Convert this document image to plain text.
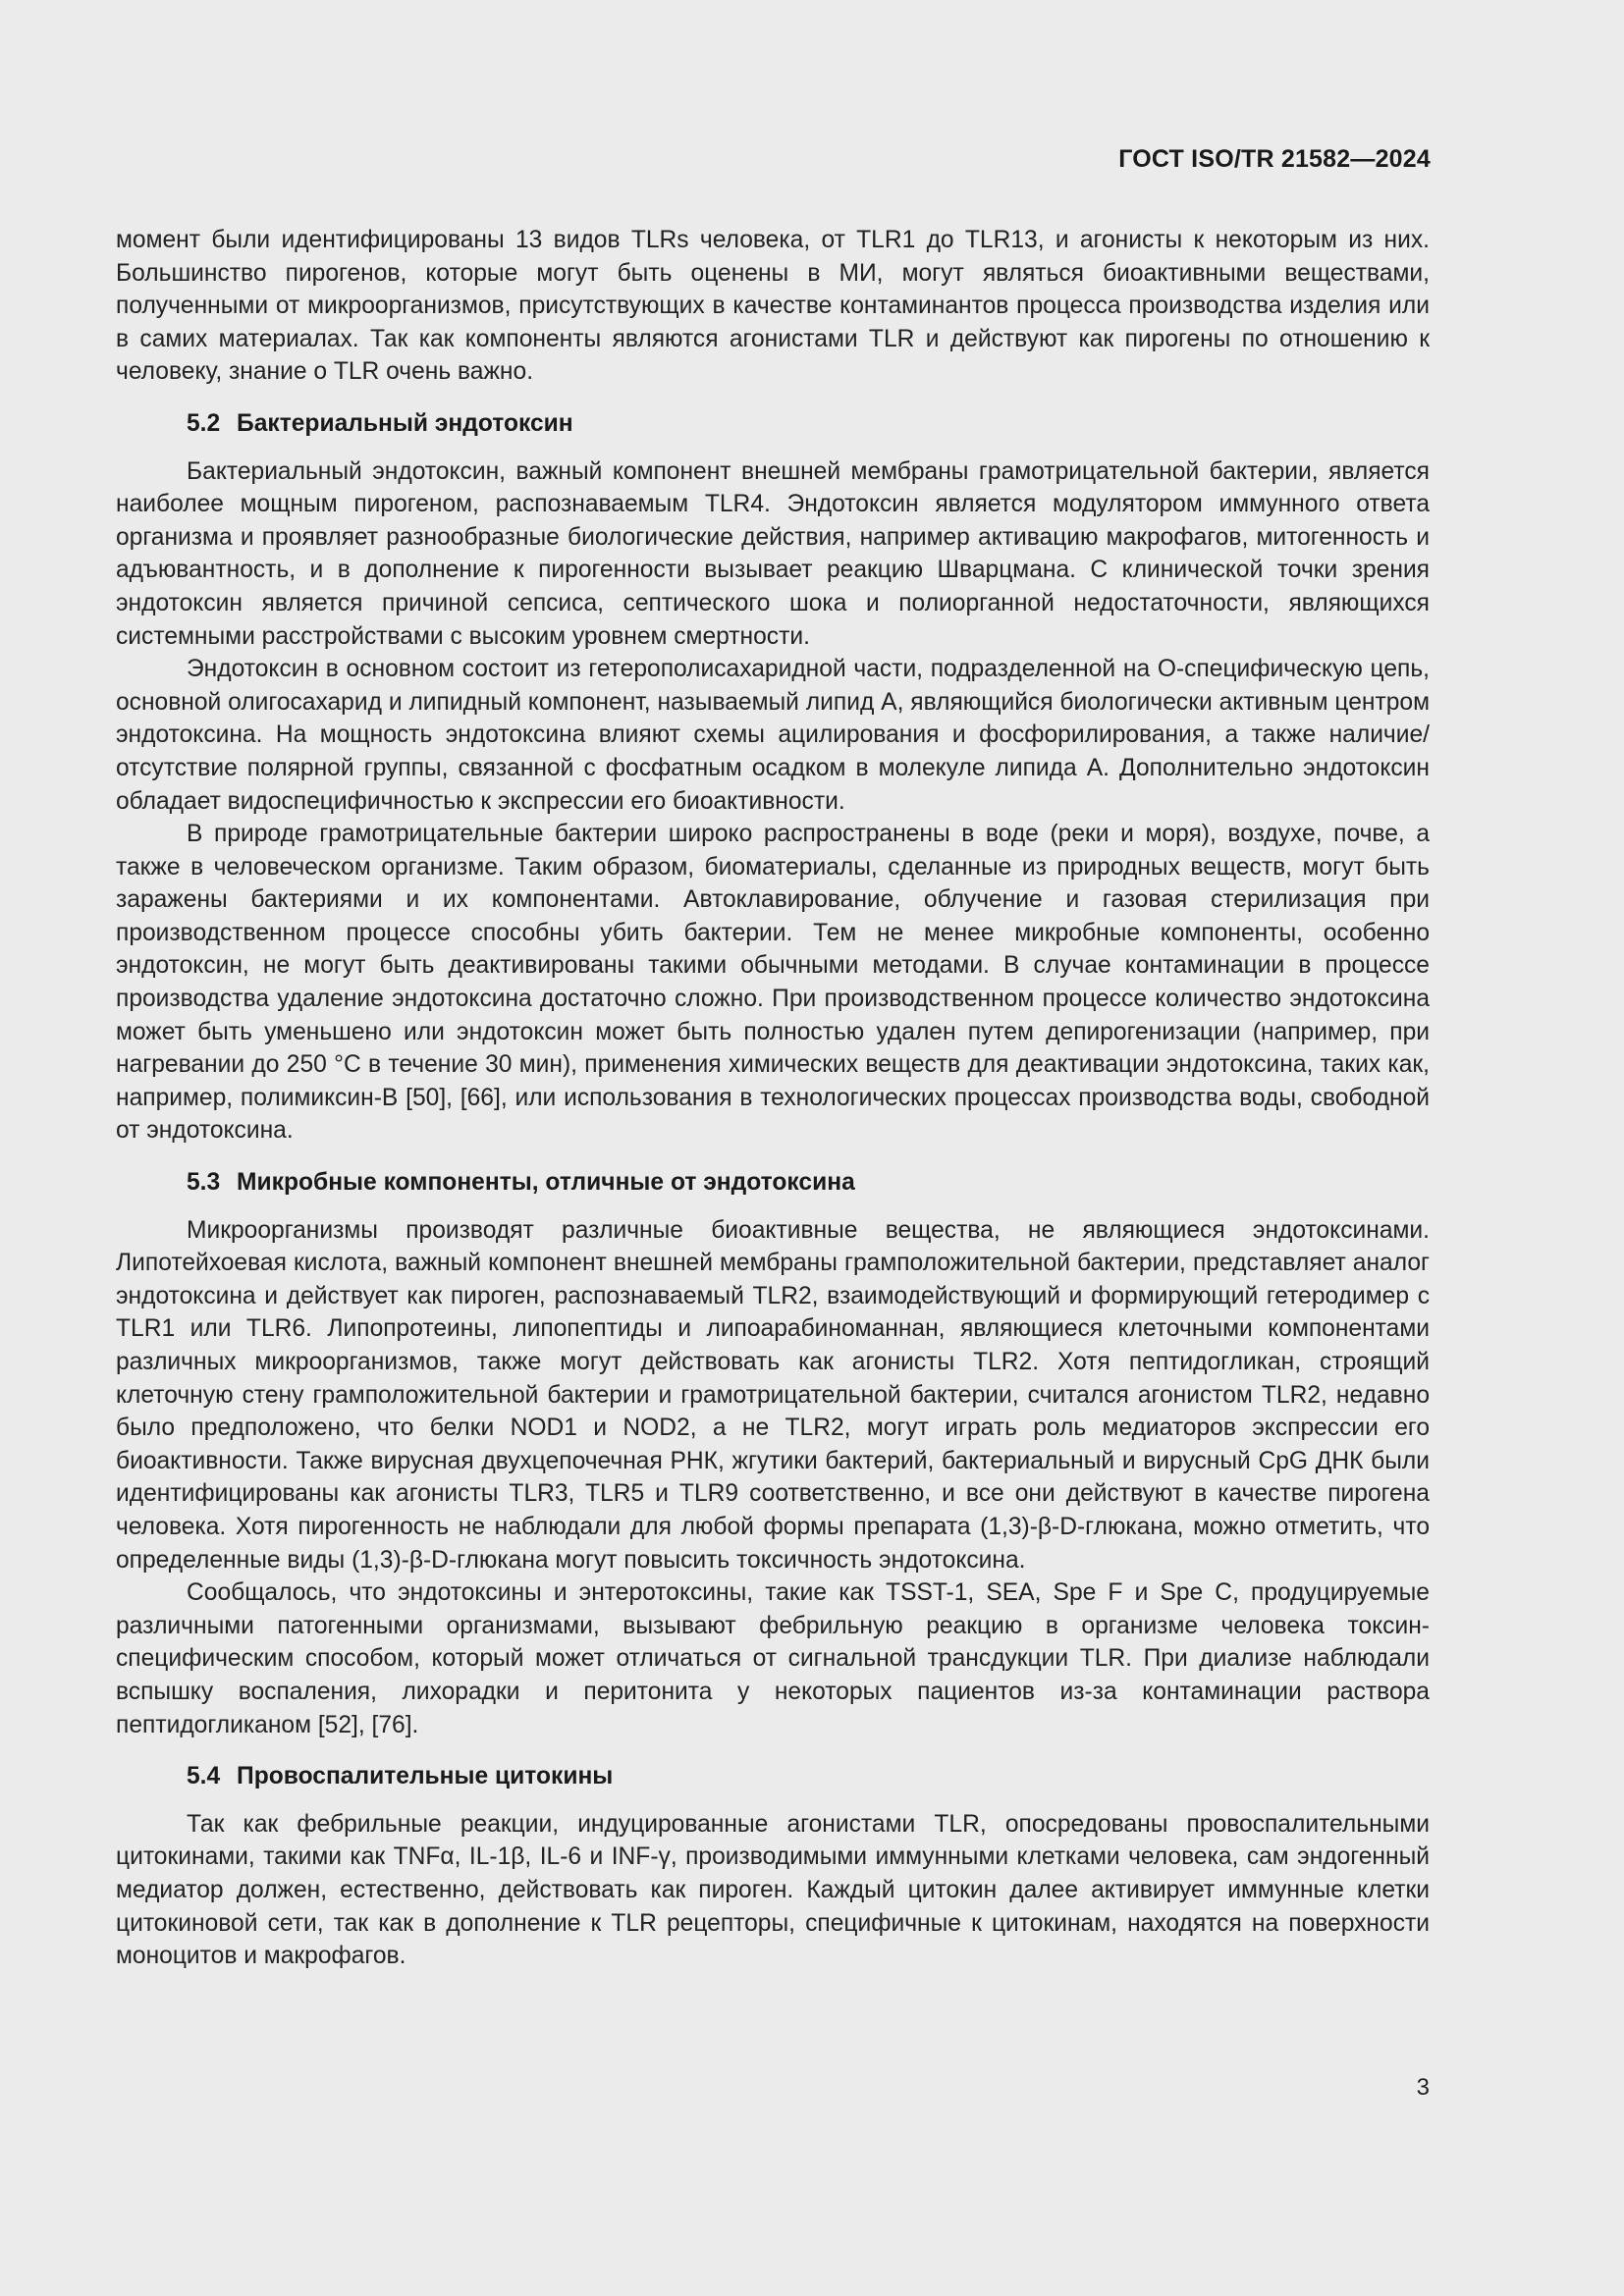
ГОСТ ISO/TR 21582—2024

момент были идентифицированы 13 видов TLRs человека, от TLR1 до TLR13, и агонисты к некоторым из них. Большинство пирогенов, которые могут быть оценены в МИ, могут являться биоактивными веществами, полученными от микроорганизмов, присутствующих в качестве контаминантов процесса производства изделия или в самих материалах. Так как компоненты являются агонистами TLR и действуют как пирогены по отношению к человеку, знание о TLR очень важно.

5.2 Бактериальный эндотоксин

Бактериальный эндотоксин, важный компонент внешней мембраны грамотрицательной бактерии, является наиболее мощным пирогеном, распознаваемым TLR4. Эндотоксин является модулятором иммунного ответа организма и проявляет разнообразные биологические действия, например активацию макрофагов, митогенность и адъювантность, и в дополнение к пирогенности вызывает реакцию Шварцмана. С клинической точки зрения эндотоксин является причиной сепсиса, септического шока и полиорганной недостаточности, являющихся системными расстройствами с высоким уровнем смертности.

Эндотоксин в основном состоит из гетерополисахаридной части, подразделенной на О-специфическую цепь, основной олигосахарид и липидный компонент, называемый липид А, являющийся биологически активным центром эндотоксина. На мощность эндотоксина влияют схемы ацилирования и фосфорилирования, а также наличие/отсутствие полярной группы, связанной с фосфатным осадком в молекуле липида А. Дополнительно эндотоксин обладает видоспецифичностью к экспрессии его биоактивности.

В природе грамотрицательные бактерии широко распространены в воде (реки и моря), воздухе, почве, а также в человеческом организме. Таким образом, биоматериалы, сделанные из природных веществ, могут быть заражены бактериями и их компонентами. Автоклавирование, облучение и газовая стерилизация при производственном процессе способны убить бактерии. Тем не менее микробные компоненты, особенно эндотоксин, не могут быть деактивированы такими обычными методами. В случае контаминации в процессе производства удаление эндотоксина достаточно сложно. При производственном процессе количество эндотоксина может быть уменьшено или эндотоксин может быть полностью удален путем депирогенизации (например, при нагревании до 250 °С в течение 30 мин), применения химических веществ для деактивации эндотоксина, таких как, например, полимиксин-В [50], [66], или использования в технологических процессах производства воды, свободной от эндотоксина.

5.3 Микробные компоненты, отличные от эндотоксина

Микроорганизмы производят различные биоактивные вещества, не являющиеся эндотоксинами. Липотейхоевая кислота, важный компонент внешней мембраны грамположительной бактерии, представляет аналог эндотоксина и действует как пироген, распознаваемый TLR2, взаимодействующий и формирующий гетеродимер с TLR1 или TLR6. Липопротеины, липопептиды и липоарабиноманнан, являющиеся клеточными компонентами различных микроорганизмов, также могут действовать как агонисты TLR2. Хотя пептидогликан, строящий клеточную стену грамположительной бактерии и грамотрицательной бактерии, считался агонистом TLR2, недавно было предположено, что белки NOD1 и NOD2, а не TLR2, могут играть роль медиаторов экспрессии его биоактивности. Также вирусная двухцепочечная РНК, жгутики бактерий, бактериальный и вирусный CpG ДНК были идентифицированы как агонисты TLR3, TLR5 и TLR9 соответственно, и все они действуют в качестве пирогена человека. Хотя пирогенность не наблюдали для любой формы препарата (1,3)-β-D-глюкана, можно отметить, что определенные виды (1,3)-β-D-глюкана могут повысить токсичность эндотоксина.

Сообщалось, что эндотоксины и энтеротоксины, такие как TSST-1, SEA, Spe F и Spe C, продуцируемые различными патогенными организмами, вызывают фебрильную реакцию в организме человека токсин-специфическим способом, который может отличаться от сигнальной трансдукции TLR. При диализе наблюдали вспышку воспаления, лихорадки и перитонита у некоторых пациентов из-за контаминации раствора пептидогликаном [52], [76].

5.4 Провоспалительные цитокины

Так как фебрильные реакции, индуцированные агонистами TLR, опосредованы провоспалительными цитокинами, такими как TNFα, IL-1β, IL-6 и INF-γ, производимыми иммунными клетками человека, сам эндогенный медиатор должен, естественно, действовать как пироген. Каждый цитокин далее активирует иммунные клетки цитокиновой сети, так как в дополнение к TLR рецепторы, специфичные к цитокинам, находятся на поверхности моноцитов и макрофагов.

3
